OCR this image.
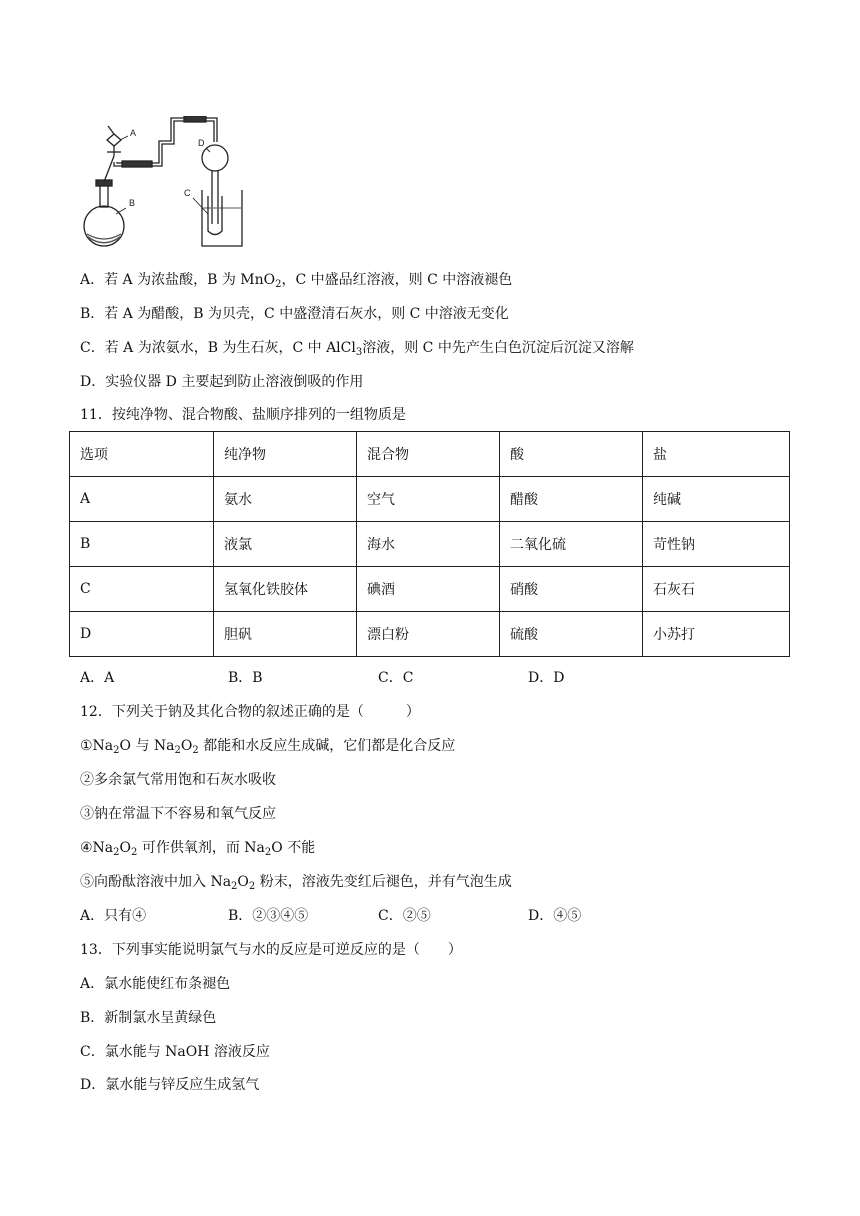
A
B
C
D
A．若 A 为浓盐酸，B 为 MnO$_2$，C 中盛品红溶液，则 C 中溶液褪色
B．若 A 为醋酸，B 为贝壳，C 中盛澄清石灰水，则 C 中溶液无变化
C．若 A 为浓氨水，B 为生石灰，C 中 AlCl$_3$溶液，则 C 中先产生白色沉淀后沉淀又溶解
D．实验仪器 D 主要起到防止溶液倒吸的作用
11．按纯净物、混合物酸、盐顺序排列的一组物质是
选项	纯净物	混合物	酸	盐
A	氨水	空气	醋酸	纯碱
B	液氯	海水	二氧化硫	苛性钠
C	氢氧化铁胶体	碘酒	硝酸	石灰石
D	胆矾	漂白粉	硫酸	小苏打
A．A	B．B	C．C	D．D
12．下列关于钠及其化合物的叙述正确的是（　　　）
$①Na_2O$ 与 $Na_2O_2$ 都能和水反应生成碱，它们都是化合反应
②多余氯气常用饱和石灰水吸收
③钠在常温下不容易和氧气反应
$④Na_2O_2$ 可作供氧剂，而 $Na_2O$ 不能
⑤向酚酞溶液中加入 $Na_2O_2$ 粉末，溶液先变红后褪色，并有气泡生成
A．只有④	B．②③④⑤	C．②⑤	D．④⑤
13．下列事实能说明氯气与水的反应是可逆反应的是（　　）
A．氯水能使红布条褪色
B．新制氯水呈黄绿色
C．氯水能与 NaOH 溶液反应
D．氯水能与锌反应生成氢气
